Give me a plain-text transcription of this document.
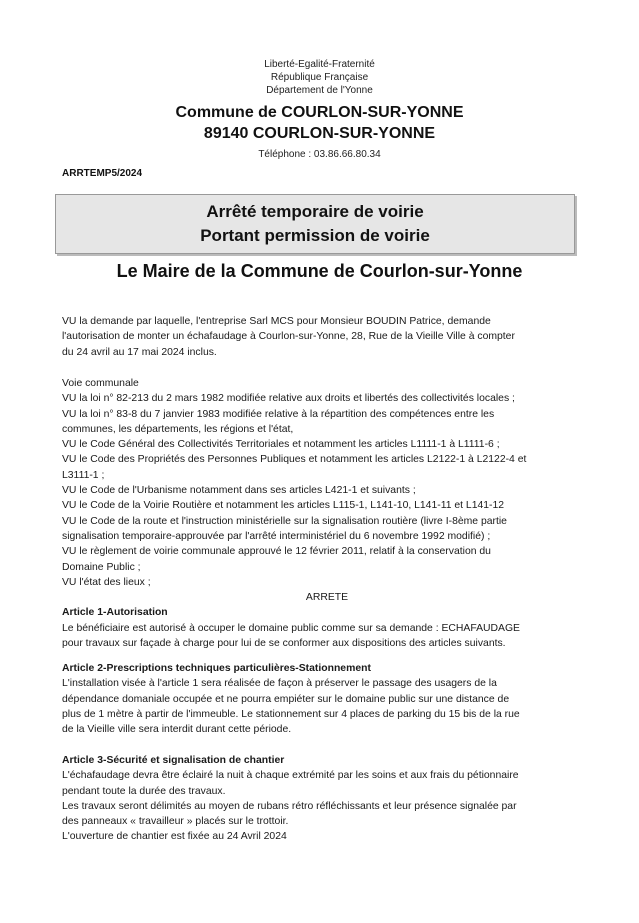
Liberté-Egalité-Fraternité
République Française
Département de l'Yonne
Commune de COURLON-SUR-YONNE
89140 COURLON-SUR-YONNE
Téléphone : 03.86.66.80.34
ARRTEMP5/2024
Arrêté temporaire de voirie
Portant permission de voirie
Le Maire de la Commune de Courlon-sur-Yonne
VU la demande par laquelle, l'entreprise Sarl MCS pour Monsieur BOUDIN Patrice, demande
l'autorisation de monter un échafaudage à Courlon-sur-Yonne, 28, Rue de la Vieille Ville à compter
du 24 avril au 17 mai 2024 inclus.
Voie communale
VU la loi n° 82-213 du 2 mars 1982 modifiée relative aux droits et libertés des collectivités locales ;
VU la loi n° 83-8 du 7 janvier 1983 modifiée relative à la répartition des compétences entre les
communes, les départements, les régions et l'état,
VU le Code Général des Collectivités Territoriales et notamment les articles L1111-1 à L1111-6 ;
VU le Code des Propriétés des Personnes Publiques et notamment les articles L2122-1 à L2122-4 et
L3111-1 ;
VU le Code de l'Urbanisme notamment dans ses articles L421-1 et suivants ;
VU le Code de la Voirie Routière et notamment les articles L115-1, L141-10, L141-11 et L141-12
VU le Code de la route et l'instruction ministérielle sur la signalisation routière (livre I-8ème partie
signalisation temporaire-approuvée par l'arrêté interministériel du 6 novembre 1992 modifié) ;
VU le règlement de voirie communale approuvé le 12 février 2011, relatif à la conservation du
Domaine Public ;
VU l'état des lieux ;
ARRETE
Article 1-Autorisation
Le bénéficiaire est autorisé à occuper le domaine public comme sur sa demande : ECHAFAUDAGE
pour travaux sur façade à charge pour lui de se conformer aux dispositions des articles suivants.
Article 2-Prescriptions techniques particulières-Stationnement
L'installation visée à l'article 1 sera réalisée de façon à préserver le passage des usagers de la
dépendance domaniale occupée et ne pourra empiéter sur le domaine public sur une distance de
plus de 1 mètre à partir de l'immeuble. Le stationnement sur 4 places de parking du 15 bis de la rue
de la Vieille ville sera interdit durant cette période.
Article 3-Sécurité et signalisation de chantier
L'échafaudage devra être éclairé la nuit à chaque extrémité par les soins et aux frais du pétionnaire
pendant toute la durée des travaux.
Les travaux seront délimités au moyen de rubans rétro réfléchissants et leur présence signalée par
des panneaux « travailleur » placés sur le trottoir.
L'ouverture de chantier est fixée au 24 Avril 2024
